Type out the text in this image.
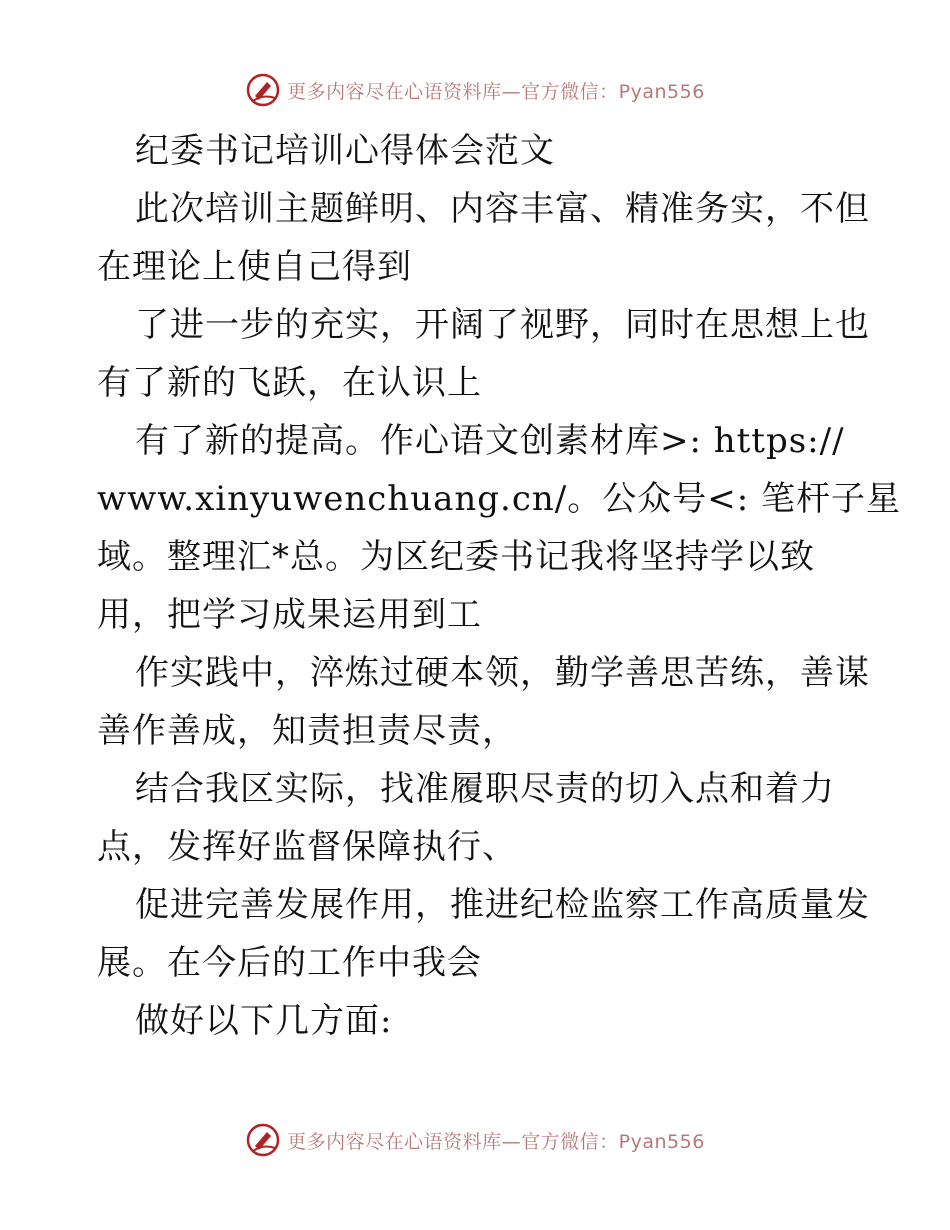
更多内容尽在心语资料库—官方微信：Pyan556
纪委书记培训心得体会范文
此次培训主题鲜明、内容丰富、精准务实，不但
在理论上使自己得到
了进一步的充实，开阔了视野，同时在思想上也
有了新的飞跃，在认识上
有了新的提高。作心语文创素材库>: https://
www.xinyuwenchuang.cn/。公众号<: 笔杆子星
域。整理汇*总。为区纪委书记我将坚持学以致
用，把学习成果运用到工
作实践中，淬炼过硬本领，勤学善思苦练，善谋
善作善成，知责担责尽责，
结合我区实际，找准履职尽责的切入点和着力
点，发挥好监督保障执行、
促进完善发展作用，推进纪检监察工作高质量发
展。在今后的工作中我会
做好以下几方面:
更多内容尽在心语资料库—官方微信：Pyan556
